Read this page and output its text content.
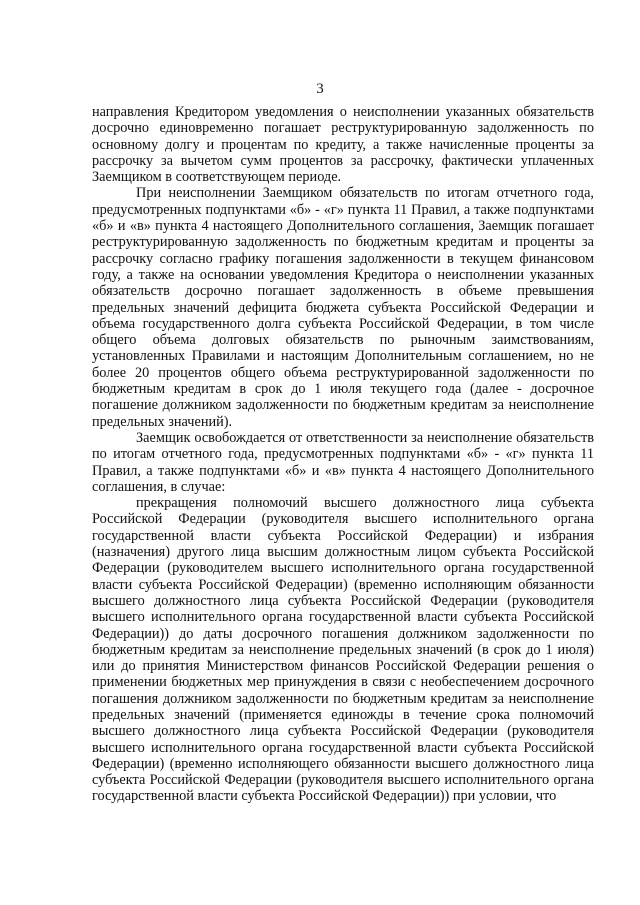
3

направления Кредитором уведомления о неисполнении указанных обязательств досрочно единовременно погашает реструктурированную задолженность по основному долгу и процентам по кредиту, а также начисленные проценты за рассрочку за вычетом сумм процентов за рассрочку, фактически уплаченных Заемщиком в соответствующем периоде.

При неисполнении Заемщиком обязательств по итогам отчетного года, предусмотренных подпунктами «б» - «г» пункта 11 Правил, а также подпунктами «б» и «в» пункта 4 настоящего Дополнительного соглашения, Заемщик погашает реструктурированную задолженность по бюджетным кредитам и проценты за рассрочку согласно графику погашения задолженности в текущем финансовом году, а также на основании уведомления Кредитора о неисполнении указанных обязательств досрочно погашает задолженность в объеме превышения предельных значений дефицита бюджета субъекта Российской Федерации и объема государственного долга субъекта Российской Федерации, в том числе общего объема долговых обязательств по рыночным заимствованиям, установленных Правилами и настоящим Дополнительным соглашением, но не более 20 процентов общего объема реструктурированной задолженности по бюджетным кредитам в срок до 1 июля текущего года (далее - досрочное погашение должником задолженности по бюджетным кредитам за неисполнение предельных значений).

Заемщик освобождается от ответственности за неисполнение обязательств по итогам отчетного года, предусмотренных подпунктами «б» - «г» пункта 11 Правил, а также подпунктами «б» и «в» пункта 4 настоящего Дополнительного соглашения, в случае:

прекращения полномочий высшего должностного лица субъекта Российской Федерации (руководителя высшего исполнительного органа государственной власти субъекта Российской Федерации) и избрания (назначения) другого лица высшим должностным лицом субъекта Российской Федерации (руководителем высшего исполнительного органа государственной власти субъекта Российской Федерации) (временно исполняющим обязанности высшего должностного лица субъекта Российской Федерации (руководителя высшего исполнительного органа государственной власти субъекта Российской Федерации)) до даты досрочного погашения должником задолженности по бюджетным кредитам за неисполнение предельных значений (в срок до 1 июля) или до принятия Министерством финансов Российской Федерации решения о применении бюджетных мер принуждения в связи с необеспечением досрочного погашения должником задолженности по бюджетным кредитам за неисполнение предельных значений (применяется единожды в течение срока полномочий высшего должностного лица субъекта Российской Федерации (руководителя высшего исполнительного органа государственной власти субъекта Российской Федерации) (временно исполняющего обязанности высшего должностного лица субъекта Российской Федерации (руководителя высшего исполнительного органа государственной власти субъекта Российской Федерации)) при условии, что
